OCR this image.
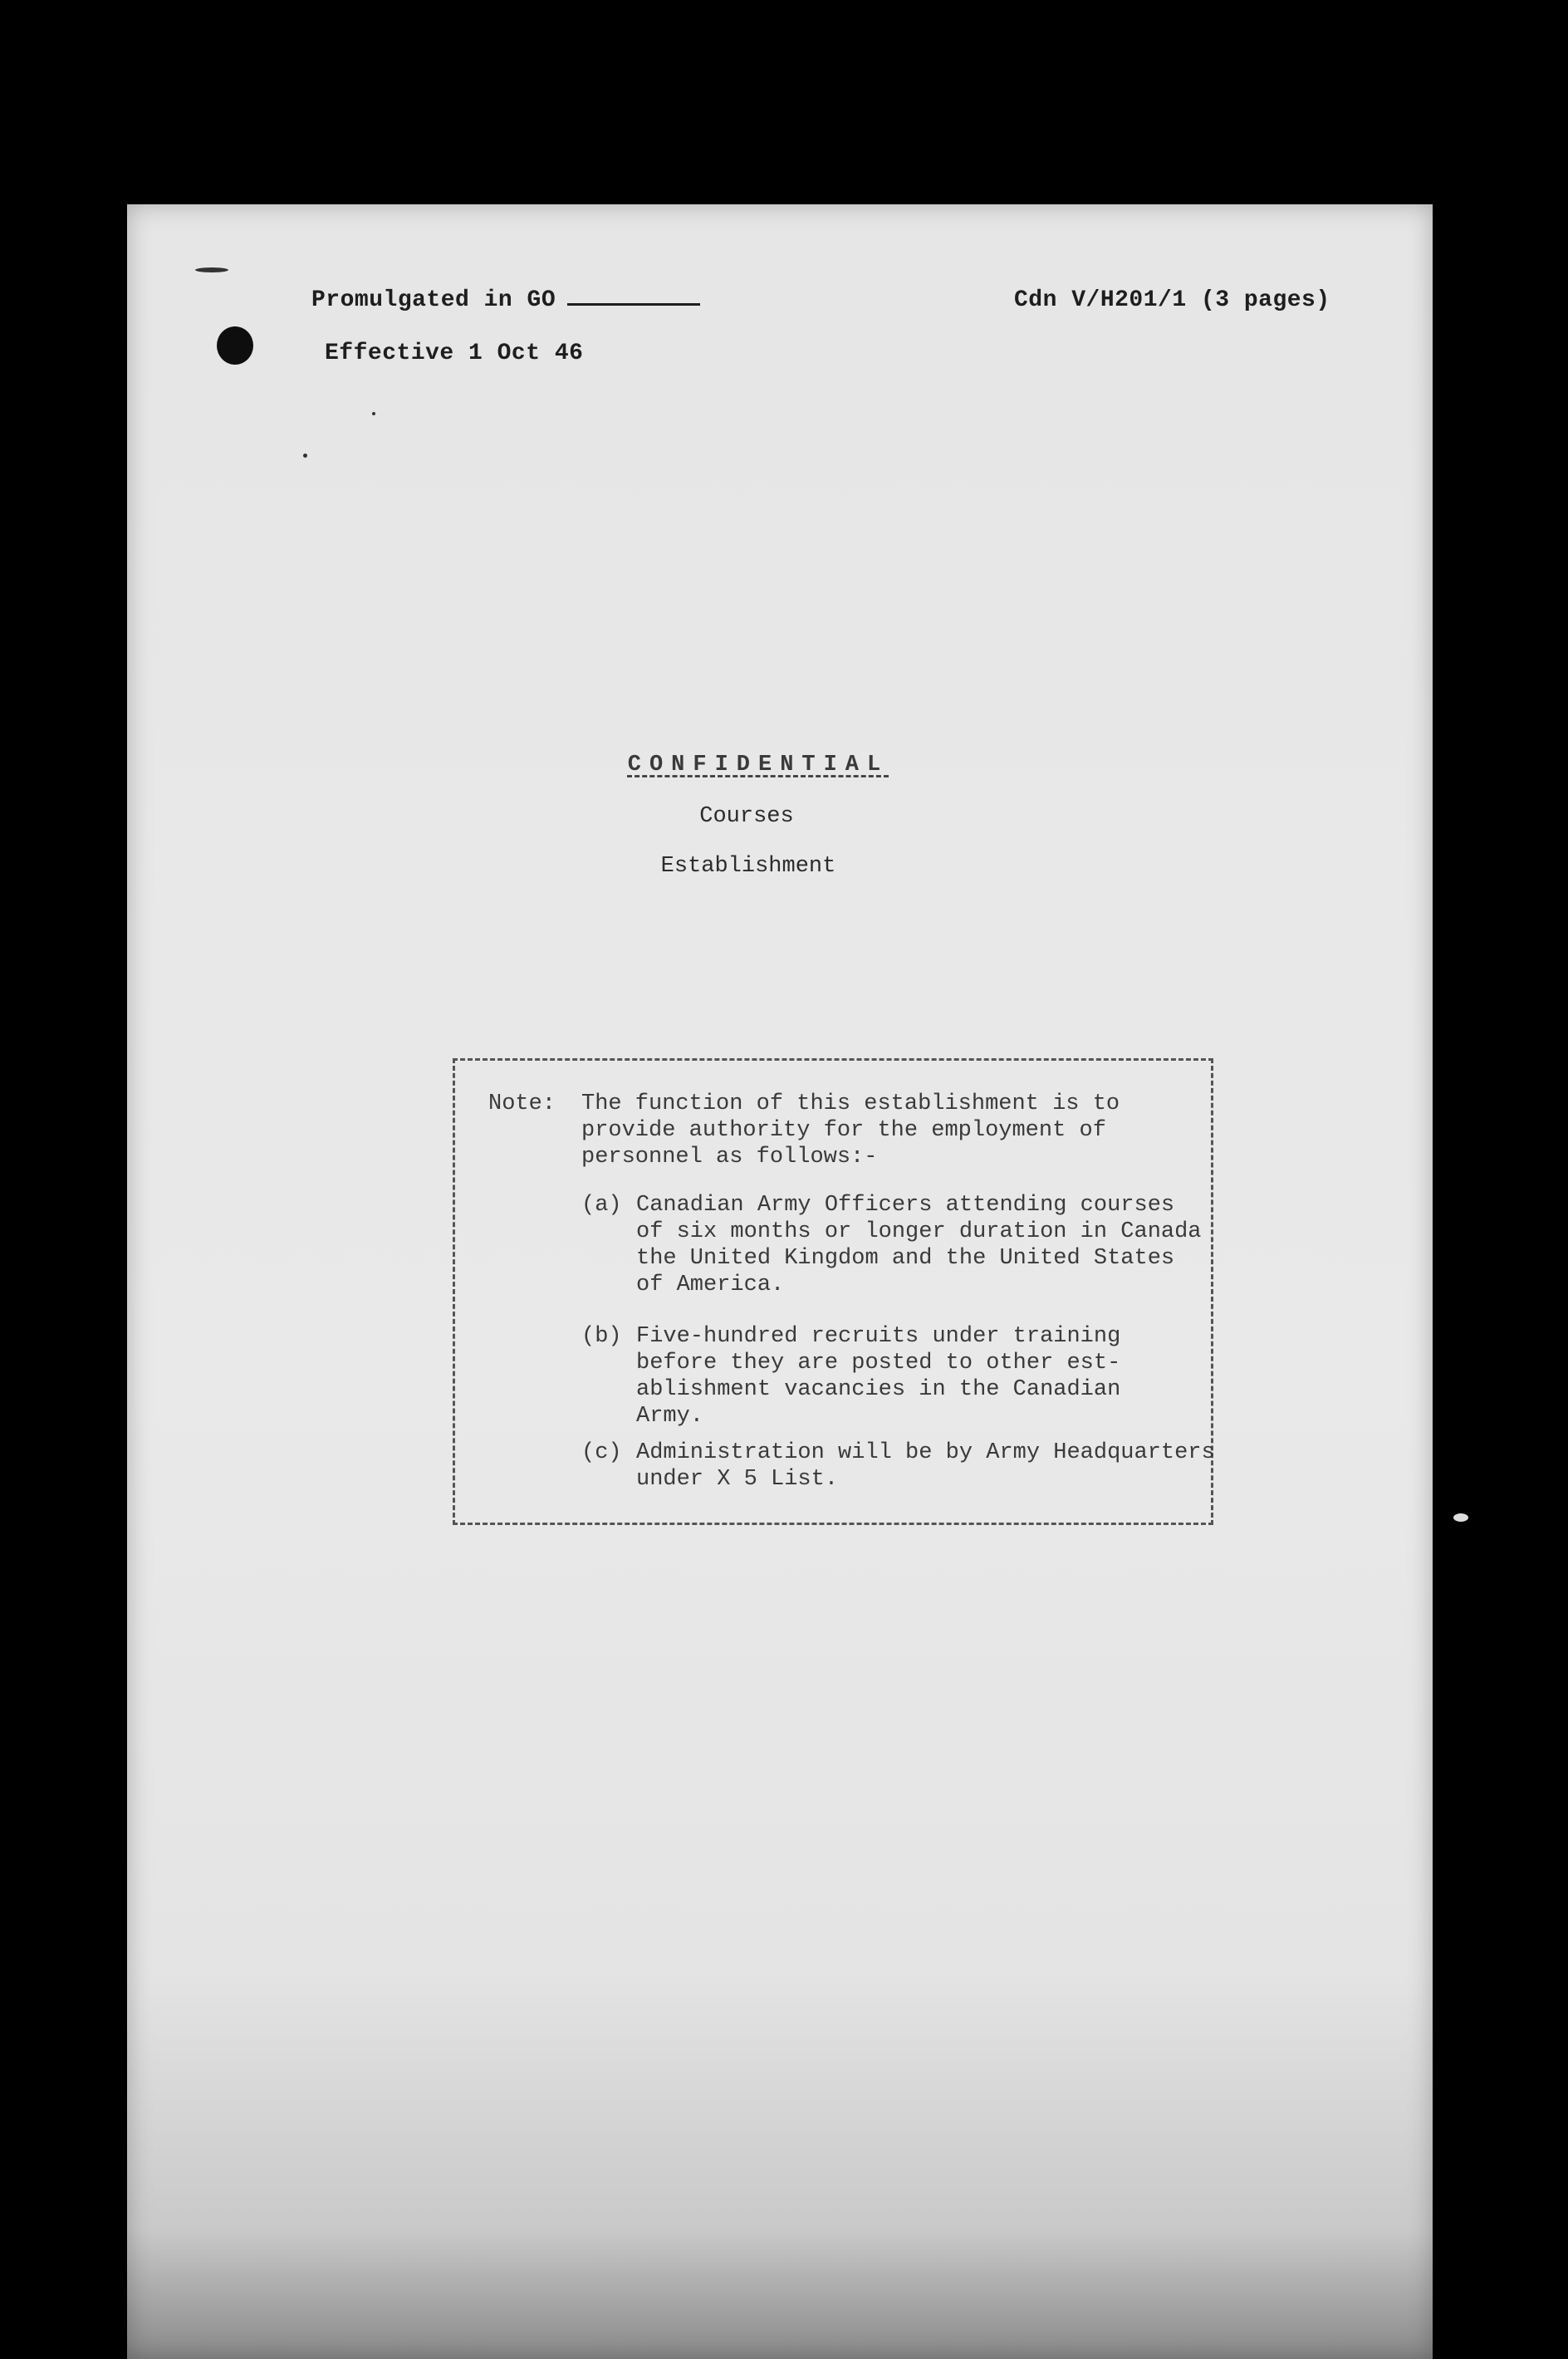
Promulgated in GO	Cdn V/H201/1 (3 pages)
Effective 1 Oct 46
CONFIDENTIAL
Courses
Establishment
Note: The function of this establishment is to
provide authority for the employment of
personnel as follows:-
(a) Canadian Army Officers attending courses
of six months or longer duration in Canada
the United Kingdom and the United States
of America.
(b) Five-hundred recruits under training
before they are posted to other est-
ablishment vacancies in the Canadian
Army.
(c) Administration will be by Army Headquarters
under X 5 List.
